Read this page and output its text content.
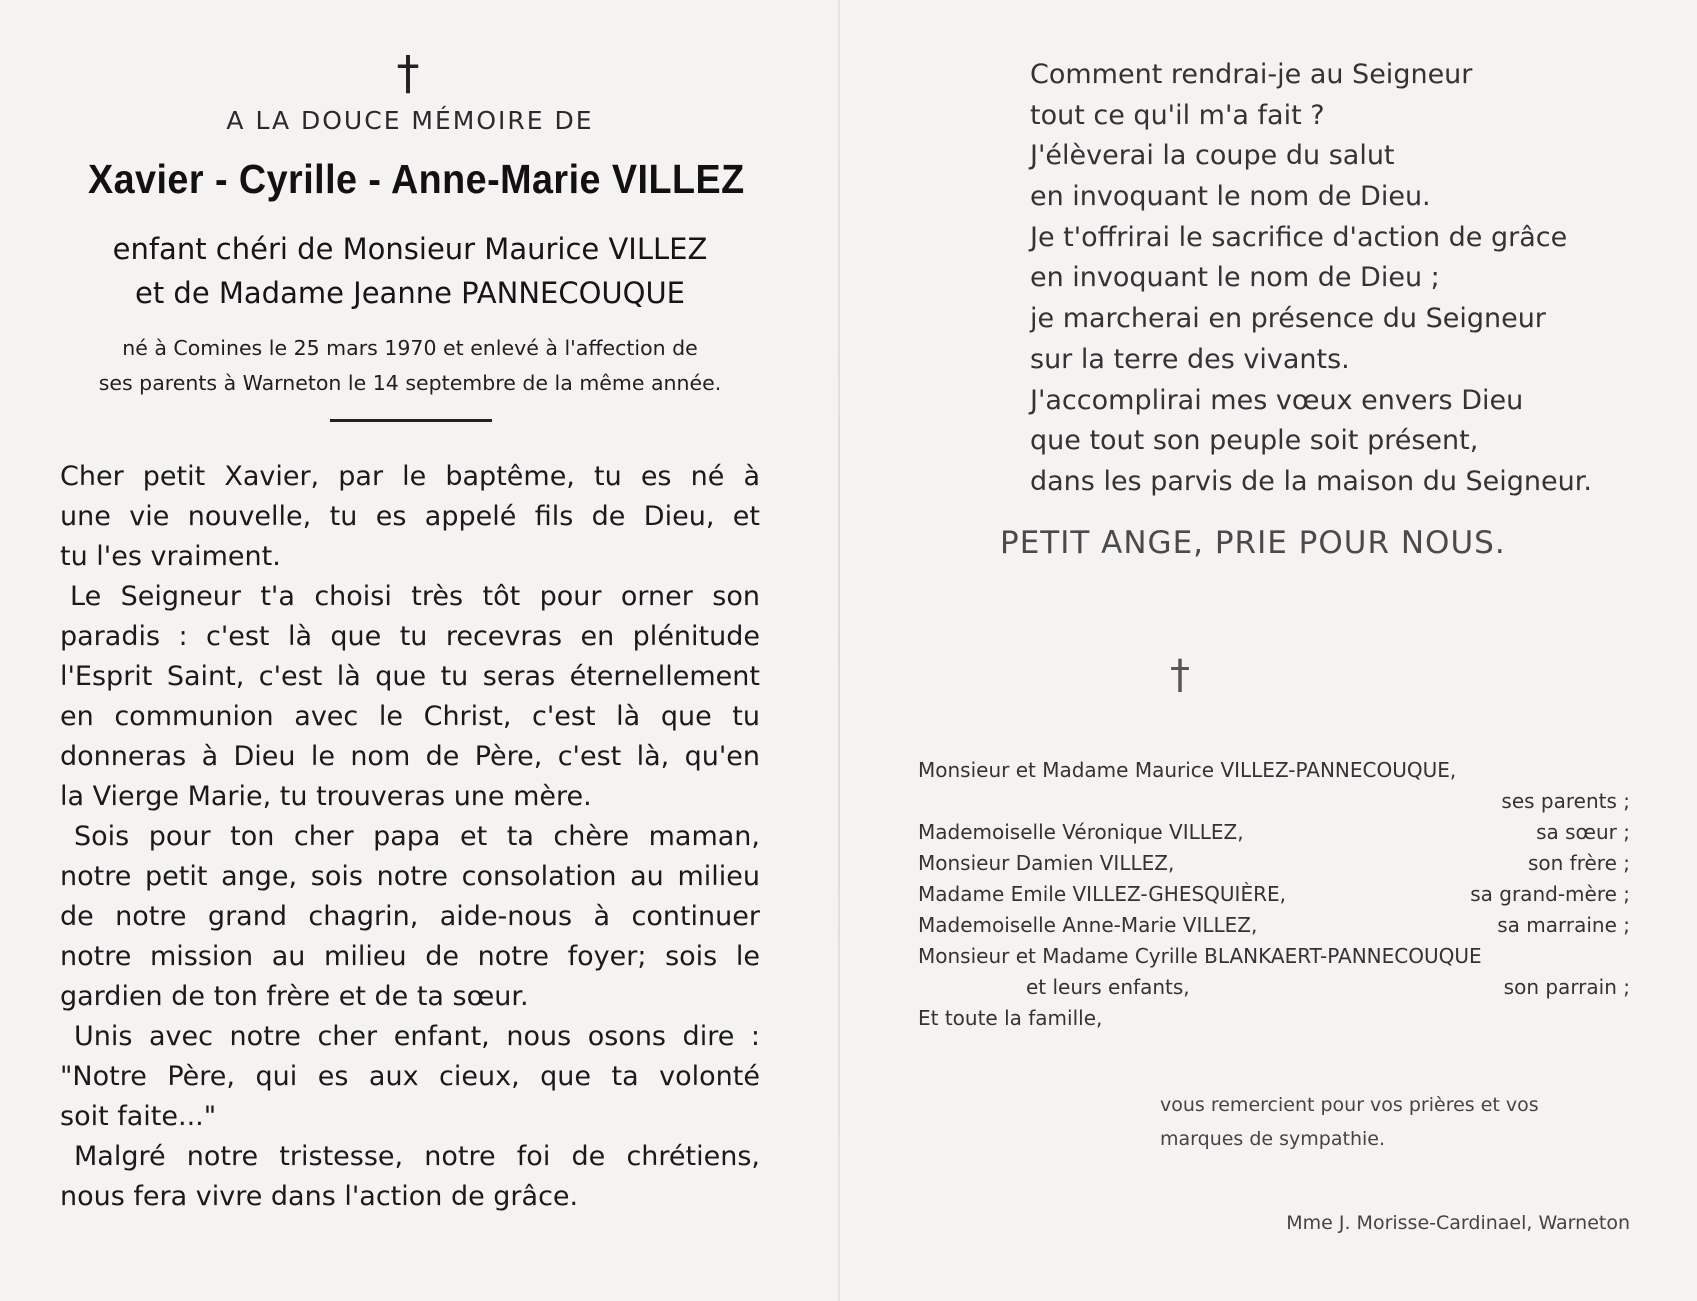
†
A LA DOUCE MÉMOIRE DE
Xavier - Cyrille - Anne-Marie VILLEZ
enfant chéri de Monsieur Maurice VILLEZ
et de Madame Jeanne PANNECOUQUE
né à Comines le 25 mars 1970 et enlevé à l'affection de
ses parents à Warneton le 14 septembre de la même année.
Cher petit Xavier, par le baptême, tu es né à
une vie nouvelle, tu es appelé fils de Dieu, et
tu l'es vraiment.
Le Seigneur t'a choisi très tôt pour orner son
paradis : c'est là que tu recevras en plénitude
l'Esprit Saint, c'est là que tu seras éternellement
en communion avec le Christ, c'est là que tu
donneras à Dieu le nom de Père, c'est là, qu'en
la Vierge Marie, tu trouveras une mère.
Sois pour ton cher papa et ta chère maman,
notre petit ange, sois notre consolation au milieu
de notre grand chagrin, aide-nous à continuer
notre mission au milieu de notre foyer; sois le
gardien de ton frère et de ta sœur.
Unis avec notre cher enfant, nous osons dire :
"Notre Père, qui es aux cieux, que ta volonté
soit faite..."
Malgré notre tristesse, notre foi de chrétiens,
nous fera vivre dans l'action de grâce.
Comment rendrai-je au Seigneur
tout ce qu'il m'a fait ?
J'élèverai la coupe du salut
en invoquant le nom de Dieu.
Je t'offrirai le sacrifice d'action de grâce
en invoquant le nom de Dieu ;
je marcherai en présence du Seigneur
sur la terre des vivants.
J'accomplirai mes vœux envers Dieu
que tout son peuple soit présent,
dans les parvis de la maison du Seigneur.
PETIT ANGE, PRIE POUR NOUS.
†
Monsieur et Madame Maurice VILLEZ-PANNECOUQUE,
ses parents ;
Mademoiselle Véronique VILLEZ,	sa sœur ;
Monsieur Damien VILLEZ,	son frère ;
Madame Emile VILLEZ-GHESQUIÈRE,	sa grand-mère ;
Mademoiselle Anne-Marie VILLEZ,	sa marraine ;
Monsieur et Madame Cyrille BLANKAERT-PANNECOUQUE
et leurs enfants,	son parrain ;
Et toute la famille,
vous remercient pour vos prières et vos
marques de sympathie.
Mme J. Morisse-Cardinael, Warneton
